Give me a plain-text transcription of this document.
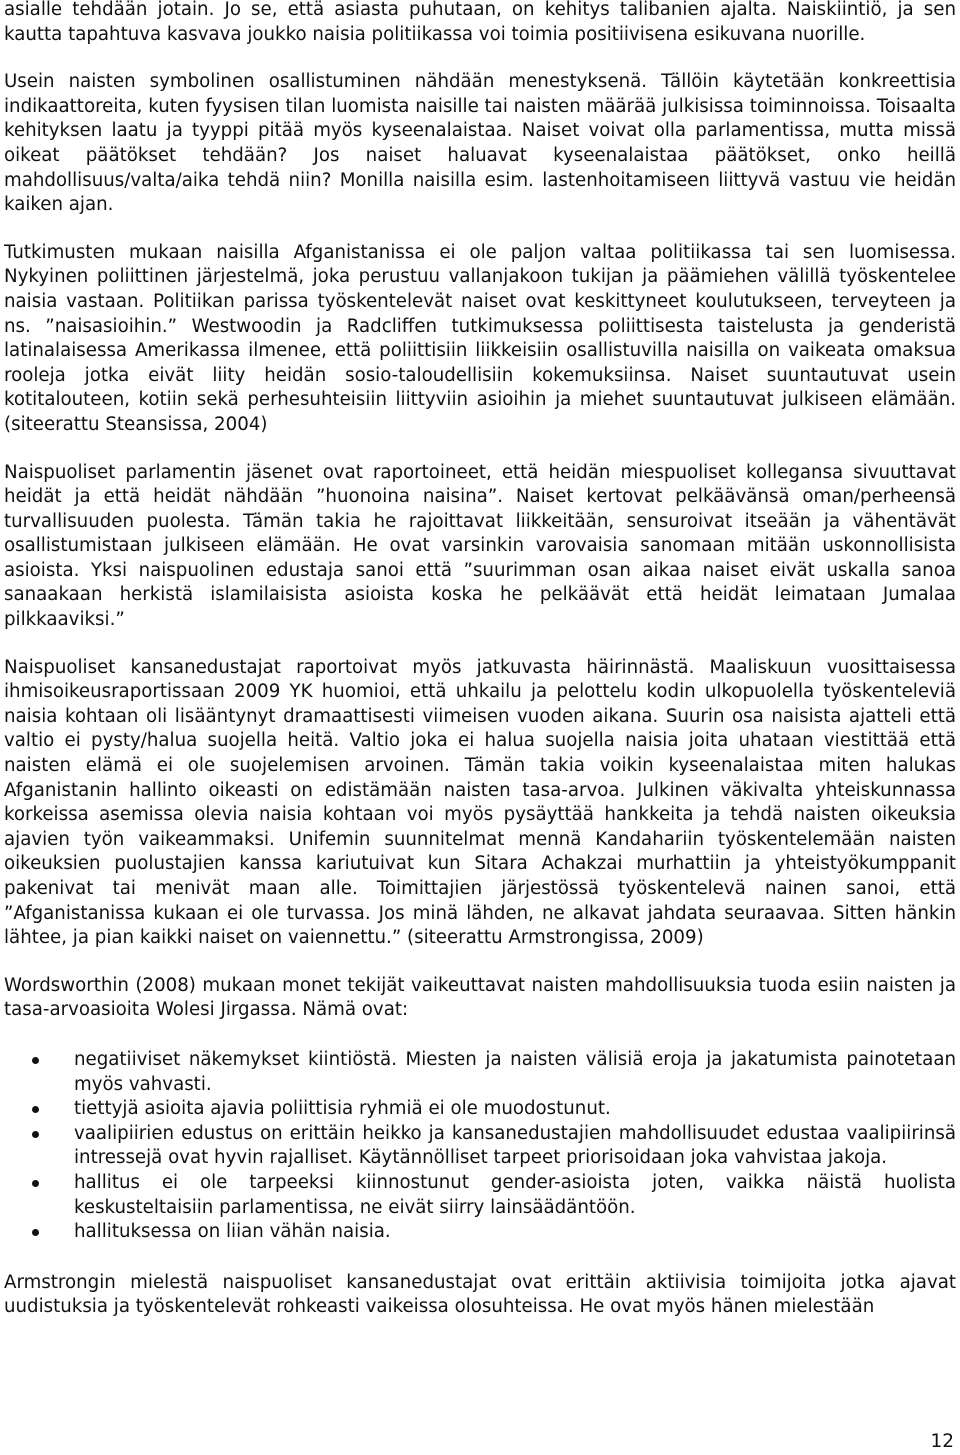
asialle tehdään jotain. Jo se, että asiasta puhutaan, on kehitys talibanien ajalta. Naiskiintiö, ja sen kautta tapahtuva kasvava joukko naisia politiikassa voi toimia positiivisena esikuvana nuorille.

Usein naisten symbolinen osallistuminen nähdään menestyksenä. Tällöin käytetään konkreettisia indikaattoreita, kuten fyysisen tilan luomista naisille tai naisten määrää julkisissa toiminnoissa. Toisaalta kehityksen laatu ja tyyppi pitää myös kyseenalaistaa. Naiset voivat olla parlamentissa, mutta missä oikeat päätökset tehdään? Jos naiset haluavat kyseenalaistaa päätökset, onko heillä mahdollisuus/valta/aika tehdä niin? Monilla naisilla esim. lastenhoitamiseen liittyvä vastuu vie heidän kaiken ajan.

Tutkimusten mukaan naisilla Afganistanissa ei ole paljon valtaa politiikassa tai sen luomisessa. Nykyinen poliittinen järjestelmä, joka perustuu vallanjakoon tukijan ja päämiehen välillä työskentelee naisia vastaan. Politiikan parissa työskentelevät naiset ovat keskittyneet koulutukseen, terveyteen ja ns. ”naisasioihin.” Westwoodin ja Radcliffen tutkimuksessa poliittisesta taistelusta ja genderistä latinalaisessa Amerikassa ilmenee, että poliittisiin liikkeisiin osallistuvilla naisilla on vaikeata omaksua rooleja jotka eivät liity heidän sosio-taloudellisiin kokemuksiinsa. Naiset suuntautuvat usein kotitalouteen, kotiin sekä perhesuhteisiin liittyviin asioihin ja miehet suuntautuvat julkiseen elämään. (siteerattu Steansissa, 2004)

Naispuoliset parlamentin jäsenet ovat raportoineet, että heidän miespuoliset kollegansa sivuuttavat heidät ja että heidät nähdään ”huonoina naisina”. Naiset kertovat pelkäävänsä oman/perheensä turvallisuuden puolesta. Tämän takia he rajoittavat liikkeitään, sensuroivat itseään ja vähentävät osallistumistaan julkiseen elämään. He ovat varsinkin varovaisia sanomaan mitään uskonnollisista asioista. Yksi naispuolinen edustaja sanoi että ”suurimman osan aikaa naiset eivät uskalla sanoa sanaakaan herkistä islamilaisista asioista koska he pelkäävät että heidät leimataan Jumalaa pilkkaaviksi.”

Naispuoliset kansanedustajat raportoivat myös jatkuvasta häirinnästä. Maaliskuun vuosittaisessa ihmisoikeusraportissaan 2009 YK huomioi, että uhkailu ja pelottelu kodin ulkopuolella työskenteleviä naisia kohtaan oli lisääntynyt dramaattisesti viimeisen vuoden aikana. Suurin osa naisista ajatteli että valtio ei pysty/halua suojella heitä. Valtio joka ei halua suojella naisia joita uhataan viestittää että naisten elämä ei ole suojelemisen arvoinen. Tämän takia voikin kyseenalaistaa miten halukas Afganistanin hallinto oikeasti on edistämään naisten tasa-arvoa. Julkinen väkivalta yhteiskunnassa korkeissa asemissa olevia naisia kohtaan voi myös pysäyttää hankkeita ja tehdä naisten oikeuksia ajavien työn vaikeammaksi. Unifemin suunnitelmat mennä Kandahariin työskentelemään naisten oikeuksien puolustajien kanssa kariutuivat kun Sitara Achakzai murhattiin ja yhteistyökumppanit pakenivat tai menivät maan alle. Toimittajien järjestössä työskentelevä nainen sanoi, että ”Afganistanissa kukaan ei ole turvassa. Jos minä lähden, ne alkavat jahdata seuraavaa. Sitten hänkin lähtee, ja pian kaikki naiset on vaiennettu.” (siteerattu Armstrongissa, 2009)

Wordsworthin (2008) mukaan monet tekijät vaikeuttavat naisten mahdollisuuksia tuoda esiin naisten ja tasa-arvoasioita Wolesi Jirgassa. Nämä ovat:

negatiiviset näkemykset kiintiöstä. Miesten ja naisten välisiä eroja ja jakatumista painotetaan myös vahvasti.
tiettyjä asioita ajavia poliittisia ryhmiä ei ole muodostunut.
vaalipiirien edustus on erittäin heikko ja kansanedustajien mahdollisuudet edustaa vaalipiirinsä intressejä ovat hyvin rajalliset. Käytännölliset tarpeet priorisoidaan joka vahvistaa jakoja.
hallitus ei ole tarpeeksi kiinnostunut gender-asioista joten, vaikka näistä huolista keskusteltaisiin parlamentissa, ne eivät siirry lainsäädäntöön.
hallituksessa on liian vähän naisia.

Armstrongin mielestä naispuoliset kansanedustajat ovat erittäin aktiivisia toimijoita jotka ajavat uudistuksia ja työskentelevät rohkeasti vaikeissa olosuhteissa. He ovat myös hänen mielestään

12
